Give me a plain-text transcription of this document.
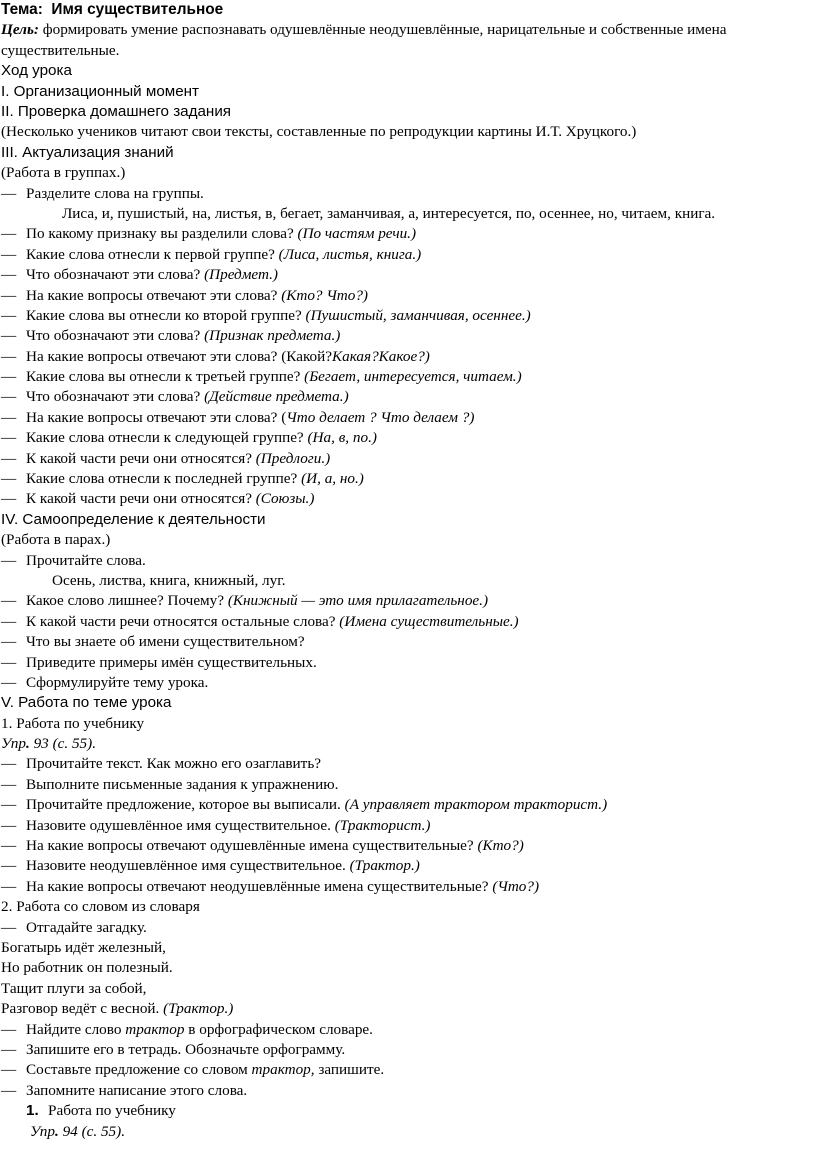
Тема: Имя существительное
Цель: формировать умение распознавать одушевлённые неодушевлённые, нарицательные и собственные имена существительные.
Ход урока
I. Организационный момент
II. Проверка домашнего задания
(Несколько учеников читают свои тексты, составленные по репродукции картины И.Т. Хруцкого.)
III. Актуализация знаний
(Работа в группах.)
— Разделите слова на группы.
Лиса, и, пушистый, на, листья, в, бегает, заманчивая, а, интересуется, по, осеннее, но, читаем, книга.
— По какому признаку вы разделили слова? (По частям речи.)
— Какие слова отнесли к первой группе? (Лиса, листья, книга.)
— Что обозначают эти слова? (Предмет.)
— На какие вопросы отвечают эти слова? (Кто? Что?)
— Какие слова вы отнесли ко второй группе? (Пушистый, заманчивая, осеннее.)
— Что обозначают эти слова? (Признак предмета.)
— На какие вопросы отвечают эти слова? (Какой?Какая?Какое?)
— Какие слова вы отнесли к третьей группе? (Бегает, интересуется, читаем.)
— Что обозначают эти слова? (Действие предмета.)
— На какие вопросы отвечают эти слова? (Что делает ? Что делаем ?)
— Какие слова отнесли к следующей группе? (На, в, по.)
— К какой части речи они относятся? (Предлоги.)
— Какие слова отнесли к последней группе? (И, а, но.)
— К какой части речи они относятся? (Союзы.)
IV. Самоопределение к деятельности
(Работа в парах.)
— Прочитайте слова.
Осень, листва, книга, книжный, луг.
— Какое слово лишнее? Почему? (Книжный — это имя прилагательное.)
— К какой части речи относятся остальные слова? (Имена существительные.)
— Что вы знаете об имени существительном?
— Приведите примеры имён существительных.
— Сформулируйте тему урока.
V. Работа по теме урока
1. Работа по учебнику
Упр. 93 (с. 55).
— Прочитайте текст. Как можно его озаглавить?
— Выполните письменные задания к упражнению.
— Прочитайте предложение, которое вы выписали. (А управляет трактором тракторист.)
— Назовите одушевлённое имя существительное. (Тракторист.)
— На какие вопросы отвечают одушевлённые имена существительные? (Кто?)
— Назовите неодушевлённое имя существительное. (Трактор.)
— На какие вопросы отвечают неодушевлённые имена существительные? (Что?)
2. Работа со словом из словаря
— Отгадайте загадку.
Богатырь идёт железный,
Но работник он полезный.
Тащит плуги за собой,
Разговор ведёт с весной. (Трактор.)
— Найдите слово трактор в орфографическом словаре.
— Запишите его в тетрадь. Обозначьте орфограмму.
— Составьте предложение со словом трактор, запишите.
— Запомните написание этого слова.
1. Работа по учебнику
Упр. 94 (с. 55).
